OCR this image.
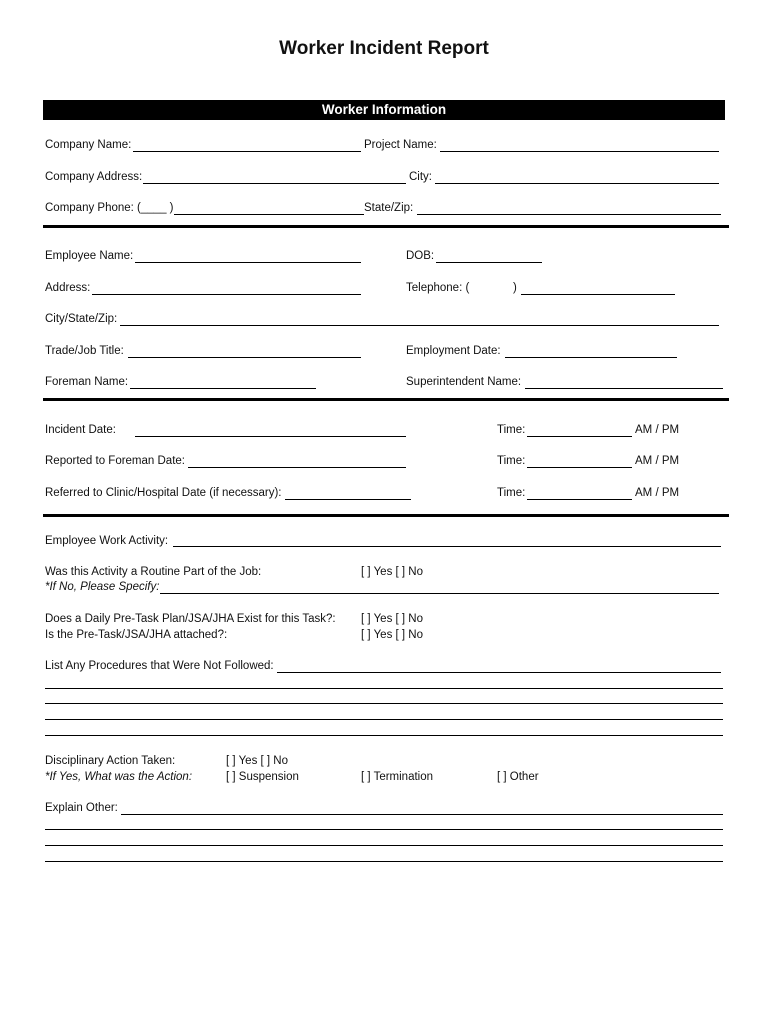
Worker Incident Report
Worker Information
Company Name:	Project Name:
Company Address:	City:
Company Phone: (____ )	State/Zip:
Employee Name:	DOB:
Address:	Telephone: (	)
City/State/Zip:
Trade/Job Title:	Employment Date:
Foreman Name:	Superintendent Name:
Incident Date:	Time:	AM / PM
Reported to Foreman Date:	Time:	AM / PM
Referred to Clinic/Hospital Date (if necessary):	Time:	AM / PM
Employee Work Activity:
Was this Activity a Routine Part of the Job:	[ ] Yes [ ] No
*If No, Please Specify:
Does a Daily Pre-Task Plan/JSA/JHA Exist for this Task?: [ ] Yes [ ] No
Is the Pre-Task/JSA/JHA attached?:	[ ] Yes [ ] No
List Any Procedures that Were Not Followed:
Disciplinary Action Taken:	[ ] Yes [ ] No
*If Yes, What was the Action:	[ ] Suspension	[ ] Termination	[ ] Other
Explain Other:
